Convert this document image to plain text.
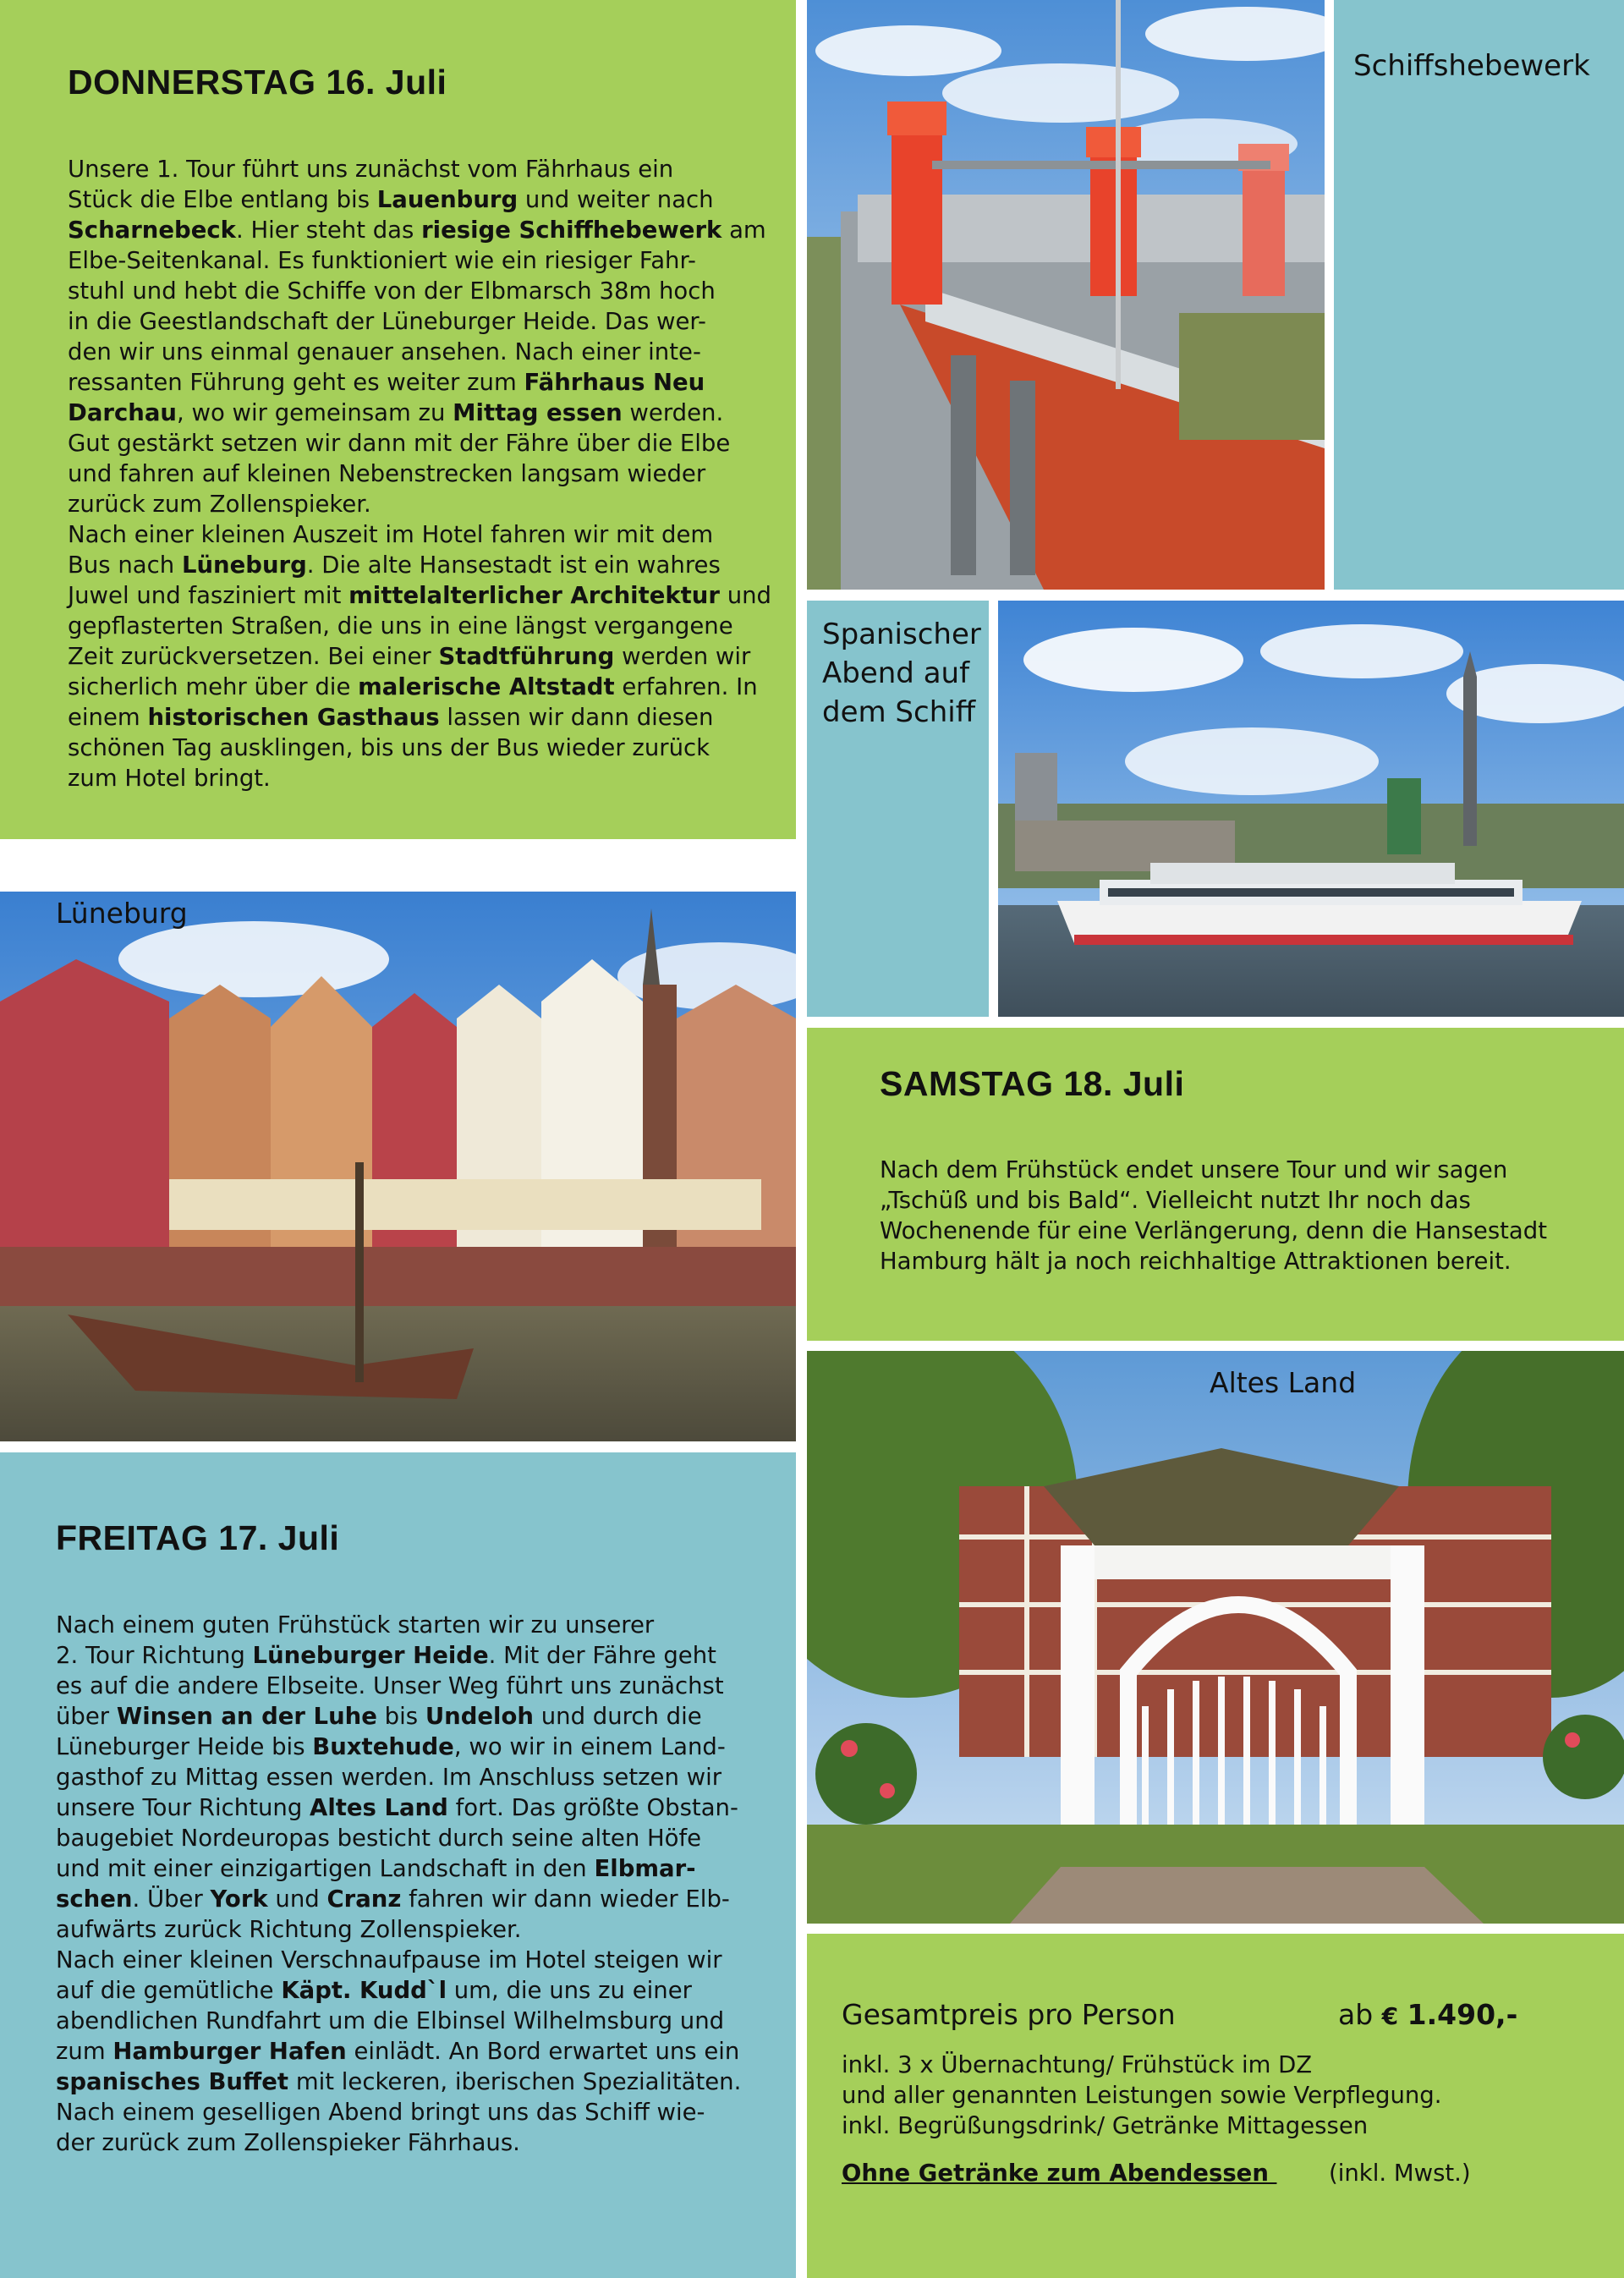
DONNERSTAG 16. Juli
Unsere 1. Tour führt uns zunächst vom Fährhaus ein
Stück die Elbe entlang bis Lauenburg und weiter nach
Scharnebeck. Hier steht das riesige Schiffhebewerk am
Elbe-Seitenkanal. Es funktioniert wie ein riesiger Fahr-
stuhl und hebt die Schiffe von der Elbmarsch 38m hoch
in die Geestlandschaft der Lüneburger Heide. Das wer-
den wir uns einmal genauer ansehen. Nach einer inte-
ressanten Führung geht es weiter zum Fährhaus Neu
Darchau, wo wir gemeinsam zu Mittag essen werden.
Gut gestärkt setzen wir dann mit der Fähre über die Elbe
und fahren auf kleinen Nebenstrecken langsam wieder
zurück zum Zollenspieker.
Nach einer kleinen Auszeit im Hotel fahren wir mit dem
Bus nach Lüneburg. Die alte Hansestadt ist ein wahres
Juwel und fasziniert mit mittelalterlicher Architektur und
gepflasterten Straßen, die uns in eine längst vergangene
Zeit zurückversetzen. Bei einer Stadtführung werden wir
sicherlich mehr über die malerische Altstadt erfahren. In
einem historischen Gasthaus lassen wir dann diesen
schönen Tag ausklingen, bis uns der Bus wieder zurück
zum Hotel bringt.
Schiffshebewerk
Spanischer
Abend auf
dem Schiff
Lüneburg
SAMSTAG 18. Juli
Nach dem Frühstück endet unsere Tour und wir sagen
„Tschüß und bis Bald“. Vielleicht nutzt Ihr noch das
Wochenende für eine Verlängerung, denn die Hansestadt
Hamburg hält ja noch reichhaltige Attraktionen bereit.
Altes Land
FREITAG 17. Juli
Nach einem guten Frühstück starten wir zu unserer
2. Tour Richtung Lüneburger Heide. Mit der Fähre geht
es auf die andere Elbseite. Unser Weg führt uns zunächst
über Winsen an der Luhe bis Undeloh und durch die
Lüneburger Heide bis Buxtehude, wo wir in einem Land-
gasthof zu Mittag essen werden. Im Anschluss setzen wir
unsere Tour Richtung Altes Land fort. Das größte Obstan-
baugebiet Nordeuropas besticht durch seine alten Höfe
und mit einer einzigartigen Landschaft in den Elbmar-
schen. Über York und Cranz fahren wir dann wieder Elb-
aufwärts zurück Richtung Zollenspieker.
Nach einer kleinen Verschnaufpause im Hotel steigen wir
auf die gemütliche Käpt. Kudd`l um, die uns zu einer
abendlichen Rundfahrt um die Elbinsel Wilhelmsburg und
zum Hamburger Hafen einlädt. An Bord erwartet uns ein
spanisches Buffet mit leckeren, iberischen Spezialitäten.
Nach einem geselligen Abend bringt uns das Schiff wie-
der zurück zum Zollenspieker Fährhaus.
Gesamtpreis pro Person	ab € 1.490,-
inkl. 3 x Übernachtung/ Frühstück im DZ
und aller genannten Leistungen sowie Verpflegung.
inkl. Begrüßungsdrink/ Getränke Mittagessen
Ohne Getränke zum Abendessen (inkl. Mwst.)
